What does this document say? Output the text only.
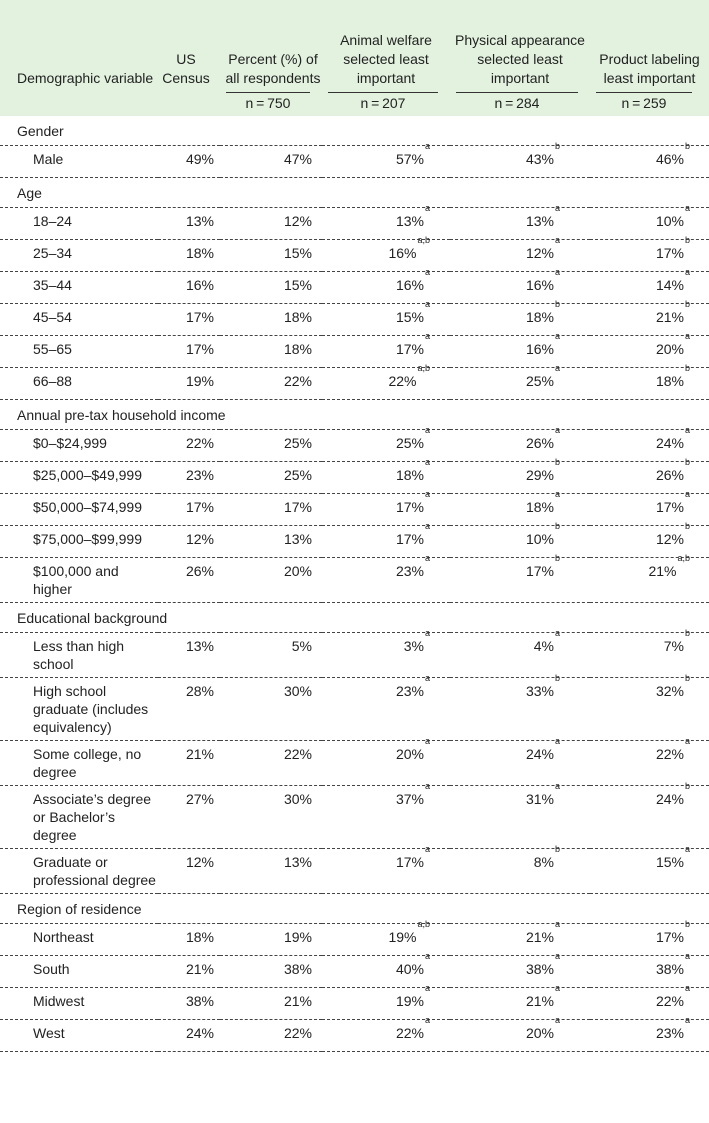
Demographic variable	US Census	Percent (%) of all respondents	Animal welfare selected least important	Physical appearance selected least important	Product labeling least important

		n = 750	n = 207	n = 284	n = 259

Gender					
Male	49%	47%	57%$^a$	43%$^b$	46%$^b$
Age					
18–24	13%	12%	13%$^a$	13%$^a$	10%$^a$
25–34	18%	15%	16%$^{a,b}$	12%$^a$	17%$^b$
35–44	16%	15%	16%$^a$	16%$^a$	14%$^a$
45–54	17%	18%	15%$^a$	18%$^b$	21%$^b$
55–65	17%	18%	17%$^a$	16%$^a$	20%$^a$
66–88	19%	22%	22%$^{a,b}$	25%$^a$	18%$^b$
Annual pre-tax household income					
$0–$24,999	22%	25%	25%$^a$	26%$^a$	24%$^a$
$25,000–$49,999	23%	25%	18%$^a$	29%$^b$	26%$^b$
$50,000–$74,999	17%	17%	17%$^a$	18%$^a$	17%$^a$
$75,000–$99,999	12%	13%	17%$^a$	10%$^b$	12%$^b$
$100,000 and higher	26%	20%	23%$^a$	17%$^b$	21%$^{a,b}$
Educational background					
Less than high school	13%	5%	3%$^a$	4%$^a$	7%$^b$
High school graduate (includes equivalency)	28%	30%	23%$^a$	33%$^b$	32%$^b$
Some college, no degree	21%	22%	20%$^a$	24%$^a$	22%$^a$
Associate’s degree or Bachelor’s degree	27%	30%	37%$^a$	31%$^a$	24%$^b$
Graduate or professional degree	12%	13%	17%$^a$	8%$^b$	15%$^a$
Region of residence					
Northeast	18%	19%	19%$^{a,b}$	21%$^a$	17%$^b$
South	21%	38%	40%$^a$	38%$^a$	38%$^a$
Midwest	38%	21%	19%$^a$	21%$^a$	22%$^a$
West	24%	22%	22%$^a$	20%$^a$	23%$^a$
